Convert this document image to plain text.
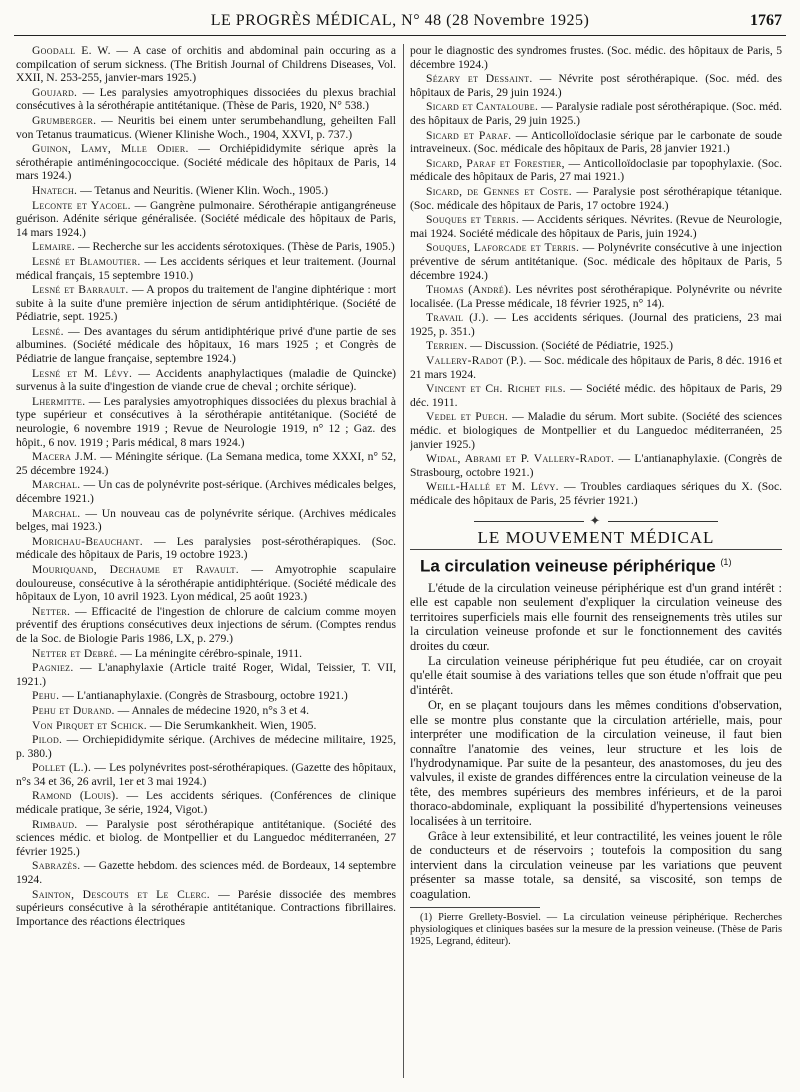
LE PROGRÈS MÉDICAL, N° 48 (28 Novembre 1925)	1767

Goodall E. W. — A case of orchitis and abdominal pain occuring as a compilcation of serum sickness. (The British Journal of Childrens Diseases, Vol. XXII, N. 253-255, janvier-mars 1925.)

Goujard. — Les paralysies amyotrophiques dissociées du plexus brachial consécutives à la sérothérapie antitétanique. (Thèse de Paris, 1920, N° 538.)

Grumberger. — Neuritis bei einem unter serumbehandlung, geheilten Fall von Tetanus traumaticus. (Wiener Klinishe Woch., 1904, XXVI, p. 737.)

Guinon, Lamy, Mlle Odier. — Orchiépididymite sérique après la sérothérapie antiméningococcique. (Société médicale des hôpitaux de Paris, 14 mars 1924.)

Hnatech. — Tetanus and Neuritis. (Wiener Klin. Woch., 1905.)

Leconte et Yacoel. — Gangrène pulmonaire. Sérothérapie antigangréneuse guérison. Adénite sérique généralisée. (Société médicale des hôpitaux de Paris, 14 mars 1924.)

Lemaire. — Recherche sur les accidents sérotoxiques. (Thèse de Paris, 1905.)

Lesné et Blamoutier. — Les accidents sériques et leur traitement. (Journal médical français, 15 septembre 1910.)

Lesné et Barrault. — A propos du traitement de l'angine diphtérique : mort subite à la suite d'une première injection de sérum antidiphtérique. (Société de Pédiatrie, sept. 1925.)

Lesné. — Des avantages du sérum antidiphtérique privé d'une partie de ses albumines. (Société médicale des hôpitaux, 16 mars 1925 ; et Congrès de Pédiatrie de langue française, septembre 1924.)

Lesné et M. Lévy. — Accidents anaphylactiques (maladie de Quincke) survenus à la suite d'ingestion de viande crue de cheval ; orchite sérique).

Lhermitte. — Les paralysies amyotrophiques dissociées du plexus brachial à type supérieur et consécutives à la sérothérapie antitétanique. (Société de neurologie, 6 novembre 1919 ; Revue de Neurologie 1919, n° 12 ; Gaz. des hôpit., 6 nov. 1919 ; Paris médical, 8 mars 1924.)

Macera J.M. — Méningite sérique. (La Semana medica, tome XXXI, n° 52, 25 décembre 1924.)

Marchal. — Un cas de polynévrite post-sérique. (Archives médicales belges, décembre 1921.)

Marchal. — Un nouveau cas de polynévrite sérique. (Archives médicales belges, mai 1923.)

Morichau-Beauchant. — Les paralysies post-sérothérapiques. (Soc. médicale des hôpitaux de Paris, 19 octobre 1923.)

Mouriquand, Dechaume et Ravault. — Amyotrophie scapulaire douloureuse, consécutive à la sérothérapie antidiphtérique. (Société médicale des hôpitaux de Lyon, 10 avril 1923. Lyon médical, 25 août 1923.)

Netter. — Efficacité de l'ingestion de chlorure de calcium comme moyen préventif des éruptions consécutives deux injections de sérum. (Comptes rendus de la Soc. de Biologie Paris 1986, LX, p. 279.)

Netter et Debré. — La méningite cérébro-spinale, 1911.

Pagniez. — L'anaphylaxie (Article traité Roger, Widal, Teissier, T. VII, 1921.)

Pehu. — L'antianaphylaxie. (Congrès de Strasbourg, octobre 1921.)

Pehu et Durand. — Annales de médecine 1920, n°s 3 et 4.

Von Pirquet et Schick. — Die Serumkankheit. Wien, 1905.

Pilod. — Orchiepididymite sérique. (Archives de médecine militaire, 1925, p. 380.)

Pollet (L.). — Les polynévrites post-sérothérapiques. (Gazette des hôpitaux, n°s 34 et 36, 26 avril, 1er et 3 mai 1924.)

Ramond (Louis). — Les accidents sériques. (Conférences de clinique médicale pratique, 3e série, 1924, Vigot.)

Rimbaud. — Paralysie post sérothérapique antitétanique. (Société des sciences médic. et biolog. de Montpellier et du Languedoc méditerranéen, 27 février 1925.)

Sabrazès. — Gazette hebdom. des sciences méd. de Bordeaux, 14 septembre 1924.

Sainton, Descouts et Le Clerc. — Parésie dissociée des membres supérieurs consécutive à la sérothérapie antitétanique. Contractions fibrillaires. Importance des réactions électriques

pour le diagnostic des syndromes frustes. (Soc. médic. des hôpitaux de Paris, 5 décembre 1924.)

Sézary et Dessaint. — Névrite post sérothérapique. (Soc. méd. des hôpitaux de Paris, 29 juin 1924.)

Sicard et Cantaloube. — Paralysie radiale post sérothérapique. (Soc. méd. des hôpitaux de Paris, 29 juin 1925.)

Sicard et Paraf. — Anticolloïdoclasie sérique par le carbonate de soude intraveineux. (Soc. médicale des hôpitaux de Paris, 28 janvier 1921.)

Sicard, Paraf et Forestier, — Anticolloïdoclasie par topophylaxie. (Soc. médicale des hôpitaux de Paris, 27 mai 1921.)

Sicard, de Gennes et Coste. — Paralysie post sérothérapique tétanique. (Soc. médicale des hôpitaux de Paris, 17 octobre 1924.)

Souques et Terris. — Accidents sériques. Névrites. (Revue de Neurologie, mai 1924. Société médicale des hôpitaux de Paris, juin 1924.)

Souques, Laforcade et Terris. — Polynévrite consécutive à une injection préventive de sérum antitétanique. (Soc. médicale des hôpitaux de Paris, 5 décembre 1924.)

Thomas (André). Les névrites post sérothérapique. Polynévrite ou névrite localisée. (La Presse médicale, 18 février 1925, n° 14).

Travail (J.). — Les accidents sériques. (Journal des praticiens, 23 mai 1925, p. 351.)

Terrien. — Discussion. (Société de Pédiatrie, 1925.)

Vallery-Radot (P.). — Soc. médicale des hôpitaux de Paris, 8 déc. 1916 et 21 mars 1924.

Vincent et Ch. Richet fils. — Société médic. des hôpitaux de Paris, 29 déc. 1911.

Vedel et Puech. — Maladie du sérum. Mort subite. (Société des sciences médic. et biologiques de Montpellier et du Languedoc méditerranéen, 25 janvier 1925.)

Widal, Abrami et P. Vallery-Radot. — L'antianaphylaxie. (Congrès de Strasbourg, octobre 1921.)

Weill-Hallé et M. Lévy. — Troubles cardiaques sériques du X. (Soc. médicale des hôpitaux de Paris, 25 février 1921.)

✦
LE MOUVEMENT MÉDICAL
La circulation veineuse périphérique $^{(1)}$

L'étude de la circulation veineuse périphérique est d'un grand intérêt : elle est capable non seulement d'expliquer la circulation veineuse des territoires superficiels mais elle fournit des renseignements très utiles sur la circulation veineuse profonde et sur le fonctionnement des cavités droites du cœur.

La circulation veineuse périphérique fut peu étudiée, car on croyait qu'elle était soumise à des variations telles que son étude n'offrait que peu d'intérêt.

Or, en se plaçant toujours dans les mêmes conditions d'observation, elle se montre plus constante que la circulation artérielle, mais, pour interpréter une modification de la circulation veineuse, il faut bien connaître l'anatomie des veines, leur structure et les lois de l'hydrodynamique. Par suite de la pesanteur, des anastomoses, du jeu des valvules, il existe de grandes différences entre la circulation veineuse de la tête, des membres supérieurs des membres inférieurs, et de la paroi thoraco-abdominale, expliquant la possibilité d'hypertensions veineuses localisées à un territoire.

Grâce à leur extensibilité, et leur contractilité, les veines jouent le rôle de conducteurs et de réservoirs ; toutefois la composition du sang intervient dans la circulation veineuse par les variations que peuvent présenter sa masse totale, sa densité, sa viscosité, son temps de coagulation.

(1) Pierre Grellety-Bosviel. — La circulation veineuse périphérique. Recherches physiologiques et cliniques basées sur la mesure de la pression veineuse. (Thèse de Paris 1925, Legrand, éditeur).
